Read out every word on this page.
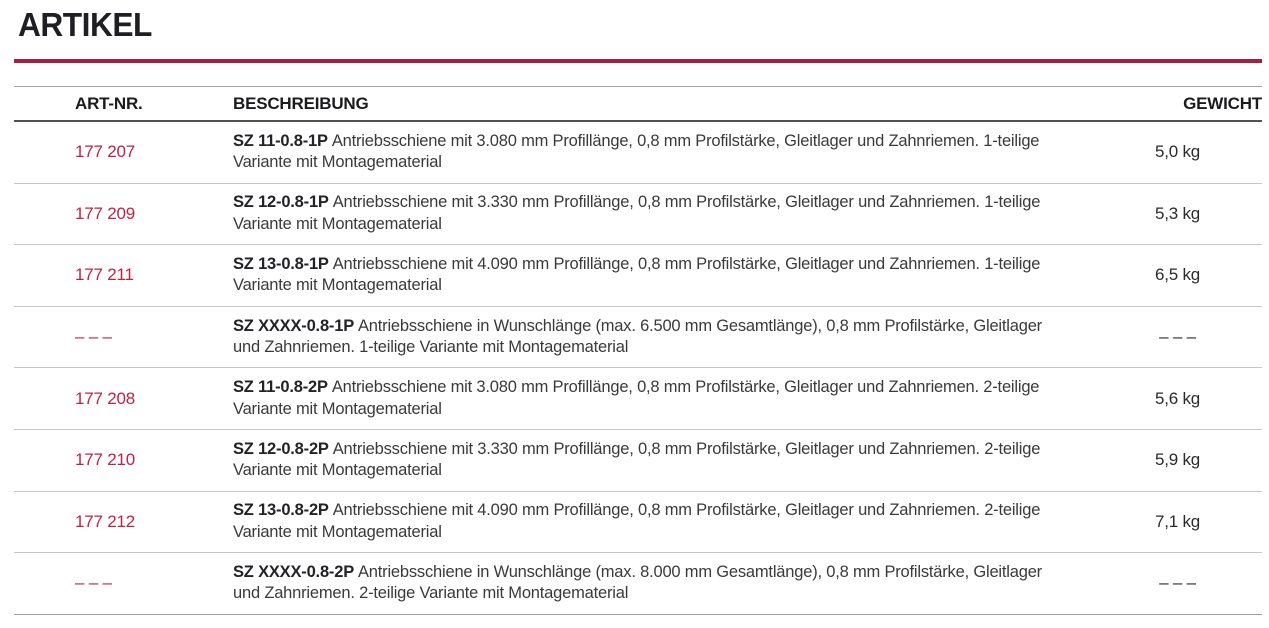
ARTIKEL
ART-NR.	BESCHREIBUNG	GEWICHT
177 207
SZ 11-0.8-1P Antriebsschiene mit 3.080 mm Profillänge, 0,8 mm Profilstärke, Gleitlager und Zahnriemen. 1-teilige Variante mit Montagematerial
5,0 kg
177 209
SZ 12-0.8-1P Antriebsschiene mit 3.330 mm Profillänge, 0,8 mm Profilstärke, Gleitlager und Zahnriemen. 1-teilige Variante mit Montagematerial
5,3 kg
177 211
SZ 13-0.8-1P Antriebsschiene mit 4.090 mm Profillänge, 0,8 mm Profilstärke, Gleitlager und Zahnriemen. 1-teilige Variante mit Montagematerial
6,5 kg
– – –
SZ XXXX-0.8-1P Antriebsschiene in Wunschlänge (max. 6.500 mm Gesamtlänge), 0,8 mm Profilstärke, Gleitlager und Zahnriemen. 1-teilige Variante mit Montagematerial
– – –
177 208
SZ 11-0.8-2P Antriebsschiene mit 3.080 mm Profillänge, 0,8 mm Profilstärke, Gleitlager und Zahnriemen. 2-teilige Variante mit Montagematerial
5,6 kg
177 210
SZ 12-0.8-2P Antriebsschiene mit 3.330 mm Profillänge, 0,8 mm Profilstärke, Gleitlager und Zahnriemen. 2-teilige Variante mit Montagematerial
5,9 kg
177 212
SZ 13-0.8-2P Antriebsschiene mit 4.090 mm Profillänge, 0,8 mm Profilstärke, Gleitlager und Zahnriemen. 2-teilige Variante mit Montagematerial
7,1 kg
– – –
SZ XXXX-0.8-2P Antriebsschiene in Wunschlänge (max. 8.000 mm Gesamtlänge), 0,8 mm Profilstärke, Gleitlager und Zahnriemen. 2-teilige Variante mit Montagematerial
– – –
